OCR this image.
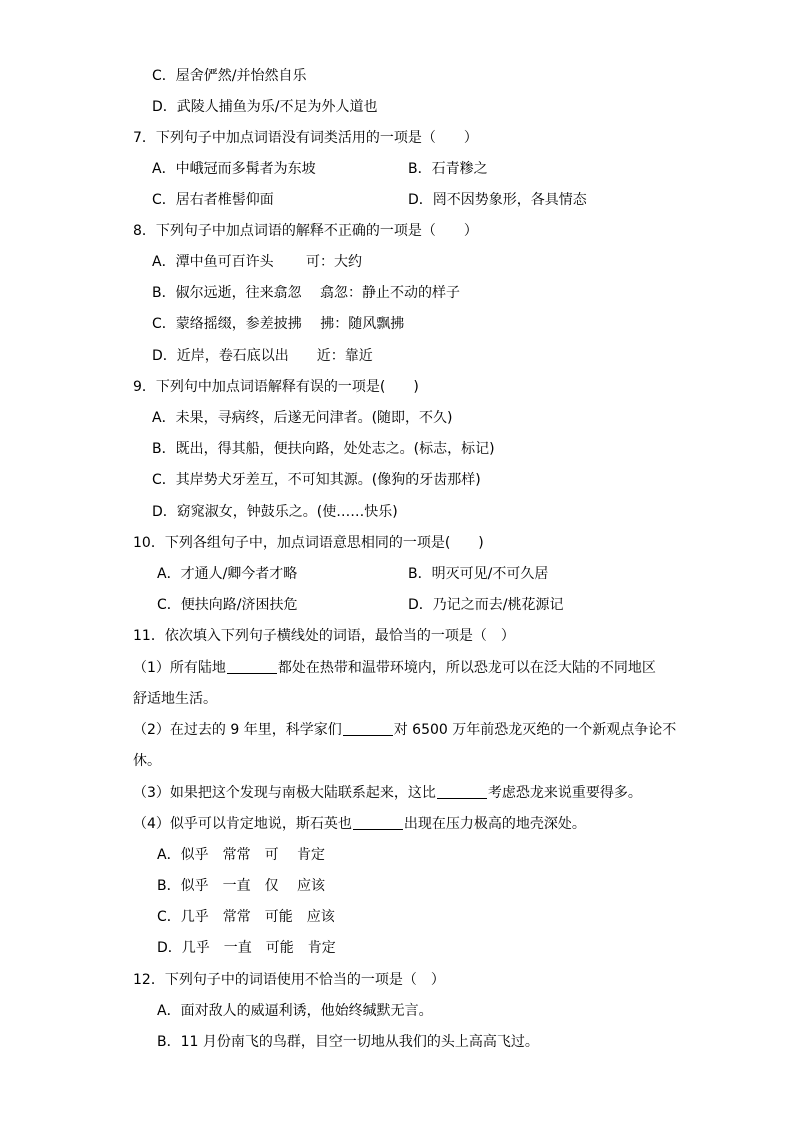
C．屋舍俨然/并怡然自乐
D．武陵人捕鱼为乐/不足为外人道也
7．下列句子中加点词语没有词类活用的一项是（　　）
A．中峨冠而多髯者为东坡	B．石青糁之
C．居右者椎髻仰面	D．罔不因势象形，各具情态
8．下列句子中加点词语的解释不正确的一项是（　　）
A．潭中鱼可百许头　　 可：大约
B．俶尔远逝，往来翕忽　 翕忽：静止不动的样子
C．蒙络摇缀，参差披拂　 拂：随风飘拂
D．近岸，卷石底以出　　近：靠近
9．下列句中加点词语解释有误的一项是(　　)
A．未果，寻病终，后遂无问津者。(随即，不久)
B．既出，得其船，便扶向路，处处志之。(标志，标记)
C．其岸势犬牙差互，不可知其源。(像狗的牙齿那样)
D．窈窕淑女，钟鼓乐之。(使……快乐)
10．下列各组句子中，加点词语意思相同的一项是(　　)
A．才通人/卿今者才略	B．明灭可见/不可久居
C．便扶向路/济困扶危	D．乃记之而去/桃花源记
11．依次填入下列句子横线处的词语，最恰当的一项是（　）
（1）所有陆地	都处在热带和温带环境内，所以恐龙可以在泛大陆的不同地区
舒适地生活。
（2）在过去的 9 年里，科学家们	对 6500 万年前恐龙灭绝的一个新观点争论不
休。
（3）如果把这个发现与南极大陆联系起来，这比	考虑恐龙来说重要得多。
（4）似乎可以肯定地说，斯石英也	出现在压力极高的地壳深处。
A．似乎　常常　可　 肯定
B．似乎　一直　仅　 应该
C．几乎　常常　可能　应该
D．几乎　一直　可能　肯定
12．下列句子中的词语使用不恰当的一项是（　）
A．面对敌人的威逼利诱，他始终缄默无言。
B．11 月份南飞的鸟群，目空一切地从我们的头上高高飞过。
